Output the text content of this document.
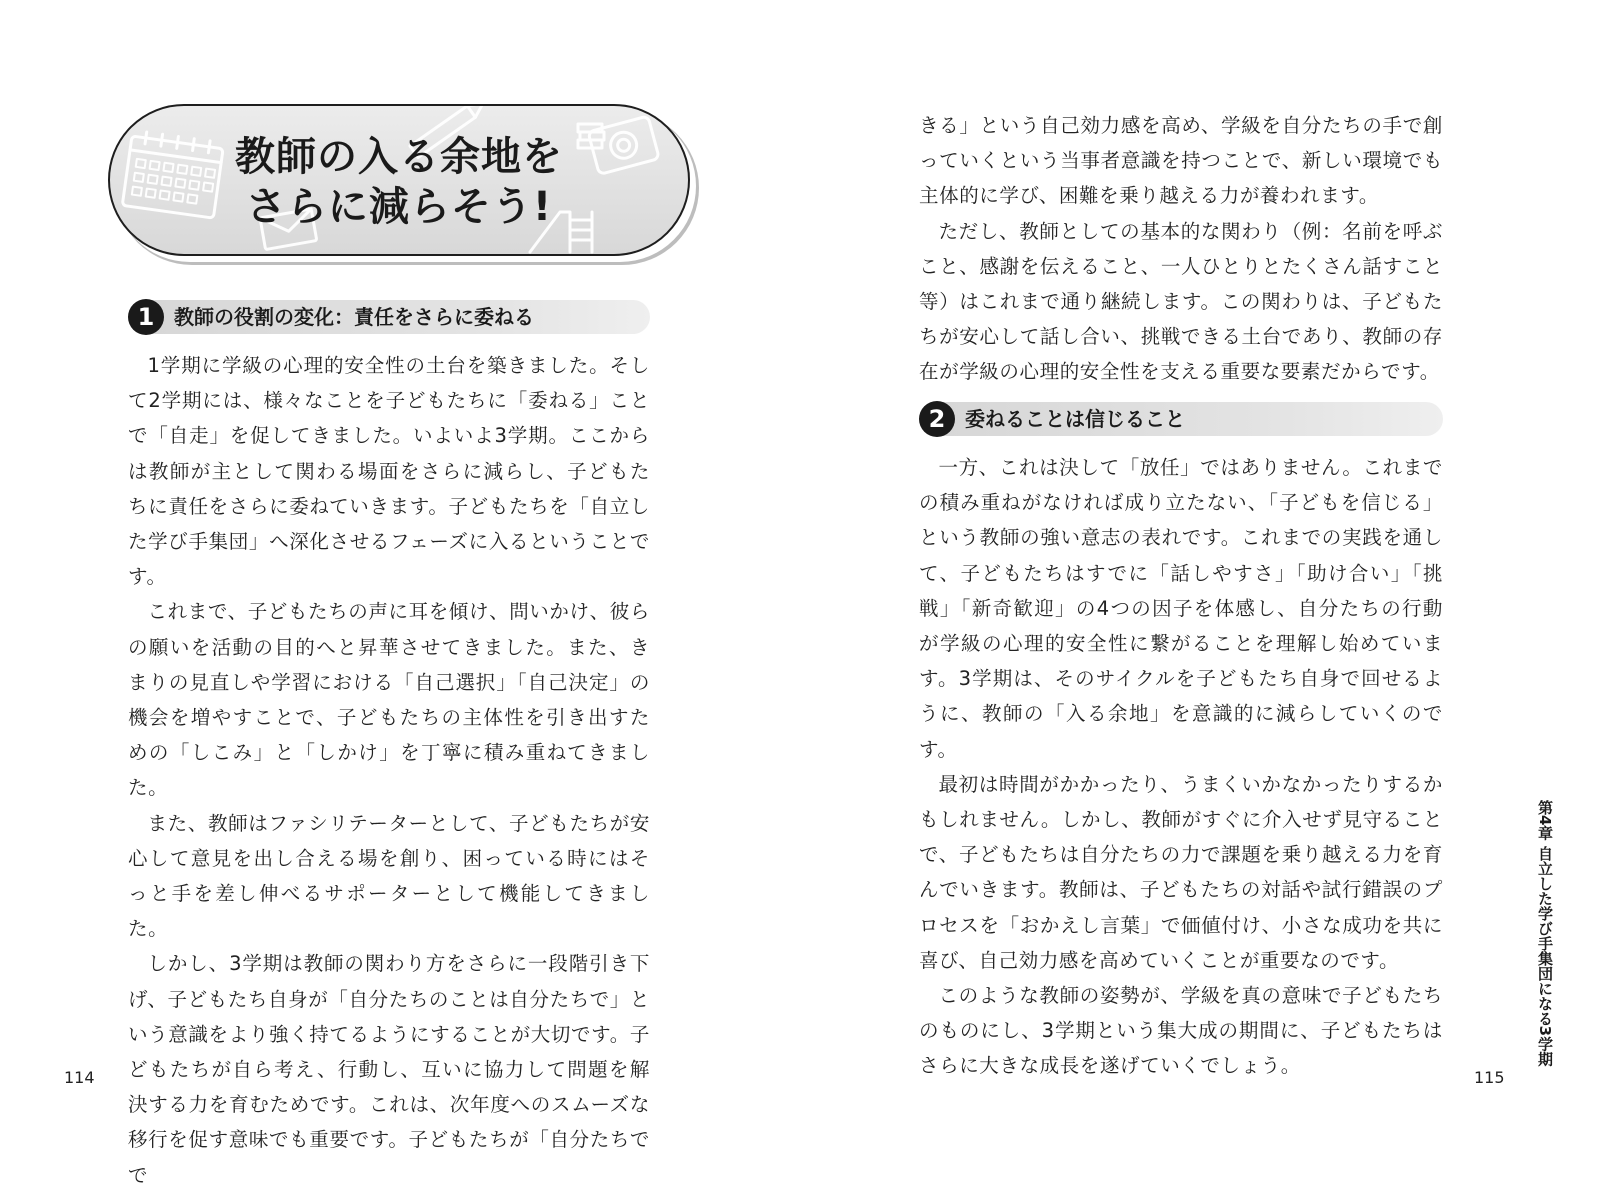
教師の入る余地を
さらに減らそう!
1 教師の役割の変化：責任をさらに委ねる

1学期に学級の心理的安全性の土台を築きました。そして2学期には、様々なことを子どもたちに「委ねる」ことで「自走」を促してきました。いよいよ3学期。ここからは教師が主として関わる場面をさらに減らし、子どもたちに責任をさらに委ねていきます。子どもたちを「自立した学び手集団」へ深化させるフェーズに入るということです。

これまで、子どもたちの声に耳を傾け、問いかけ、彼らの願いを活動の目的へと昇華させてきました。また、きまりの見直しや学習における「自己選択」「自己決定」の機会を増やすことで、子どもたちの主体性を引き出すための「しこみ」と「しかけ」を丁寧に積み重ねてきました。

また、教師はファシリテーターとして、子どもたちが安心して意見を出し合える場を創り、困っている時にはそっと手を差し伸べるサポーターとして機能してきました。

しかし、3学期は教師の関わり方をさらに一段階引き下げ、子どもたち自身が「自分たちのことは自分たちで」という意識をより強く持てるようにすることが大切です。子どもたちが自ら考え、行動し、互いに協力して問題を解決する力を育むためです。これは、次年度へのスムーズな移行を促す意味でも重要です。子どもたちが「自分たちでで

114

きる」という自己効力感を高め、学級を自分たちの手で創っていくという当事者意識を持つことで、新しい環境でも主体的に学び、困難を乗り越える力が養われます。

ただし、教師としての基本的な関わり（例：名前を呼ぶこと、感謝を伝えること、一人ひとりとたくさん話すこと等）はこれまで通り継続します。この関わりは、子どもたちが安心して話し合い、挑戦できる土台であり、教師の存在が学級の心理的安全性を支える重要な要素だからです。

2 委ねることは信じること

一方、これは決して「放任」ではありません。これまでの積み重ねがなければ成り立たない、「子どもを信じる」という教師の強い意志の表れです。これまでの実践を通して、子どもたちはすでに「話しやすさ」「助け合い」「挑戦」「新奇歓迎」の4つの因子を体感し、自分たちの行動が学級の心理的安全性に繋がることを理解し始めています。3学期は、そのサイクルを子どもたち自身で回せるように、教師の「入る余地」を意識的に減らしていくのです。

最初は時間がかかったり、うまくいかなかったりするかもしれません。しかし、教師がすぐに介入せず見守ることで、子どもたちは自分たちの力で課題を乗り越える力を育んでいきます。教師は、子どもたちの対話や試行錯誤のプロセスを「おかえし言葉」で価値付け、小さな成功を共に喜び、自己効力感を高めていくことが重要なのです。

このような教師の姿勢が、学級を真の意味で子どもたちのものにし、3学期という集大成の期間に、子どもたちはさらに大きな成長を遂げていくでしょう。

115
第4章 自立した学び手集団になる3学期
